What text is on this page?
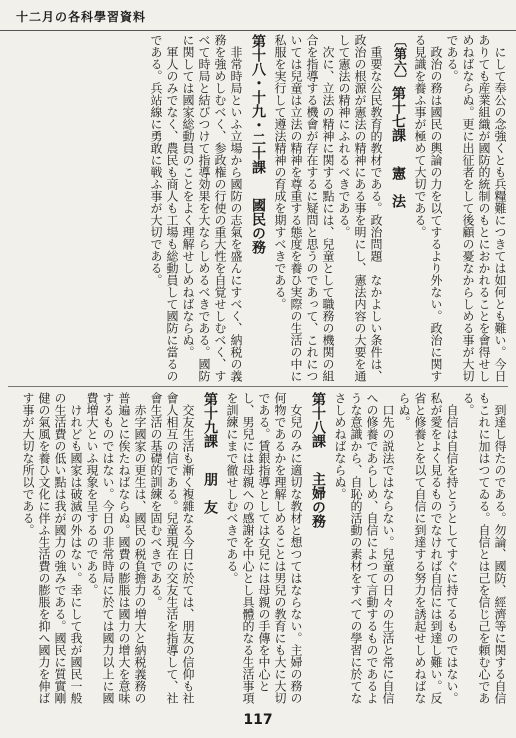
十二月の各科學習資料

にして奉公の念強くとも兵糧難につきては如何とも難い。今日ありても産業組織が國防的統制のもとにおかれることを會得せしめねばならぬ。更に出征者をして後顧の憂なからしめる事が大切である。

政治の務は國民の輿論の力を以てするより外ない。政治に関する見識を養ふ事が極めて大切である。

〔第六〕第十七課　憲　法

重要な公民教育的教材である。政治問題　なかよしい条件は、政治の根源が憲法の精神にある事を明にし、憲法内容の大要を通して憲法の精神にふれるべきである。

次に、立法の精神に関する點には、兒童として職務の機関の組合を指導する機會が存在するに疑問と思うのであって、これについては兒童は立法の精神を尊重する態度を養ひ実際の生活の中に私服を実行して遵法精神の育成を期すべきである。

第十八・十九・二十課　國民の務

非常時局といふ立場から國防の志氣を盛んにすべく、納税の義務を強めしむべく、参政権の行使の重大性を自覚せしむべく、すべて時局と結びつけて指導効果を大ならしめるべきである。國防に関しては國家総動員のことをよく理解せしめねばならぬ。

軍人のみでなく、農民も商人も工場も総動員して國防に當るのである。兵站線に勇敢に戦ふ事が大切である。

到達し得たのである。勿論、國防、經濟等に関する自信もこれに加はつてゐる。自信とは己を信じ己を頼む心である。

自信は自信を持とうとしてすぐに持てるものではない。私が愛をよく見るものでなければ自信には到達し難い。反省と修養とを以て自信に到達する努力を誘起せしめねばならぬ。

口先の説法ではならない。兒童の日々の生活と常に自信への修養であらしめ、自信によつて言動するものであるような意識から、自恥的活動の素材をすべての學習に於てなさしめねばならぬ。

第十八課　主婦の務

女兒のみに適切な教材と想つてはならない。主婦の務の何物であるかを理解しめることは男兒の教育にも大に大切である。賃銀指導としては女兒には母親の手傳を中心とし、男兒には母親への感謝を中心とし具體的なる生活事項を訓練にまで徹せしむべきである。

第十九課　朋　友

交友生活も漸く複雜なる今日に於ては、朋友の信仰も社會人相互の信である。兒童現在の交友生活を指導して、社會生活の基礎的訓練を固むべきである。

赤字國家の更生は、國民の税負擔力の増大と納税義務の普遍とに俟たねばならぬ。國費の膨脹は國力の增大を意味するものではない。今日の非常時局に於ては國力以上に國費増大といふ現象を呈するのである。

けれども國家は破滅の外はない。幸にして我が國民一般の生活費の低い點は我が國力の強みである。國民に質實剛健の氣風を養ひ文化に伴ふ生活費の膨脹を抑へ國力を伸ばす事が大切な所以である。

117
